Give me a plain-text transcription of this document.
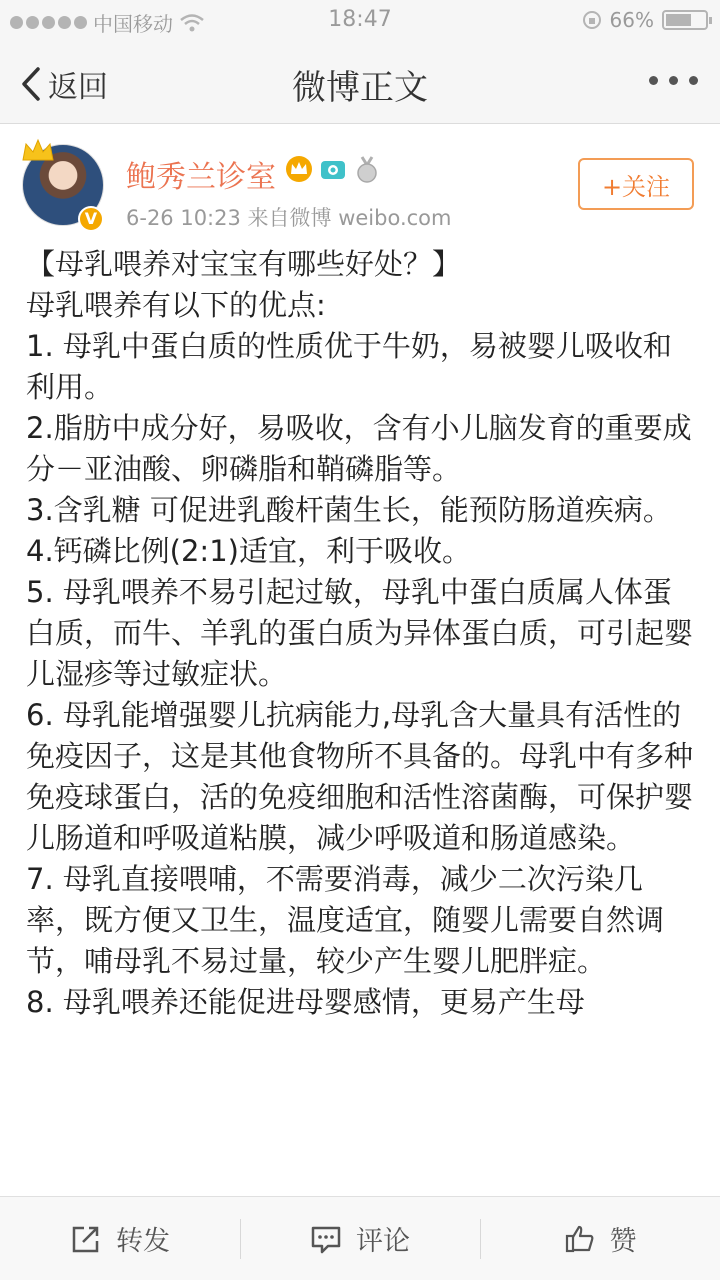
中国移动	18:47	66%
返回	微博正文
V
鲍秀兰诊室
6-26 10:23 来自微博 weibo.com
+关注

【母乳喂养对宝宝有哪些好处？】

母乳喂养有以下的优点:

1. 母乳中蛋白质的性质优于牛奶，易被婴儿吸收和利用。

2.脂肪中成分好，易吸收，含有小儿脑发育的重要成分－亚油酸、卵磷脂和鞘磷脂等。

3.含乳糖 可促进乳酸杆菌生长，能预防肠道疾病。

4.钙磷比例(2:1)适宜，利于吸收。

5. 母乳喂养不易引起过敏，母乳中蛋白质属人体蛋白质，而牛、羊乳的蛋白质为异体蛋白质，可引起婴儿湿疹等过敏症状。

6. 母乳能增强婴儿抗病能力,母乳含大量具有活性的免疫因子，这是其他食物所不具备的。母乳中有多种免疫球蛋白，活的免疫细胞和活性溶菌酶，可保护婴儿肠道和呼吸道粘膜，减少呼吸道和肠道感染。

7. 母乳直接喂哺，不需要消毒，减少二次污染几率，既方便又卫生，温度适宜，随婴儿需要自然调节，哺母乳不易过量，较少产生婴儿肥胖症。

8. 母乳喂养还能促进母婴感情，更易产生母

转发	评论	赞
